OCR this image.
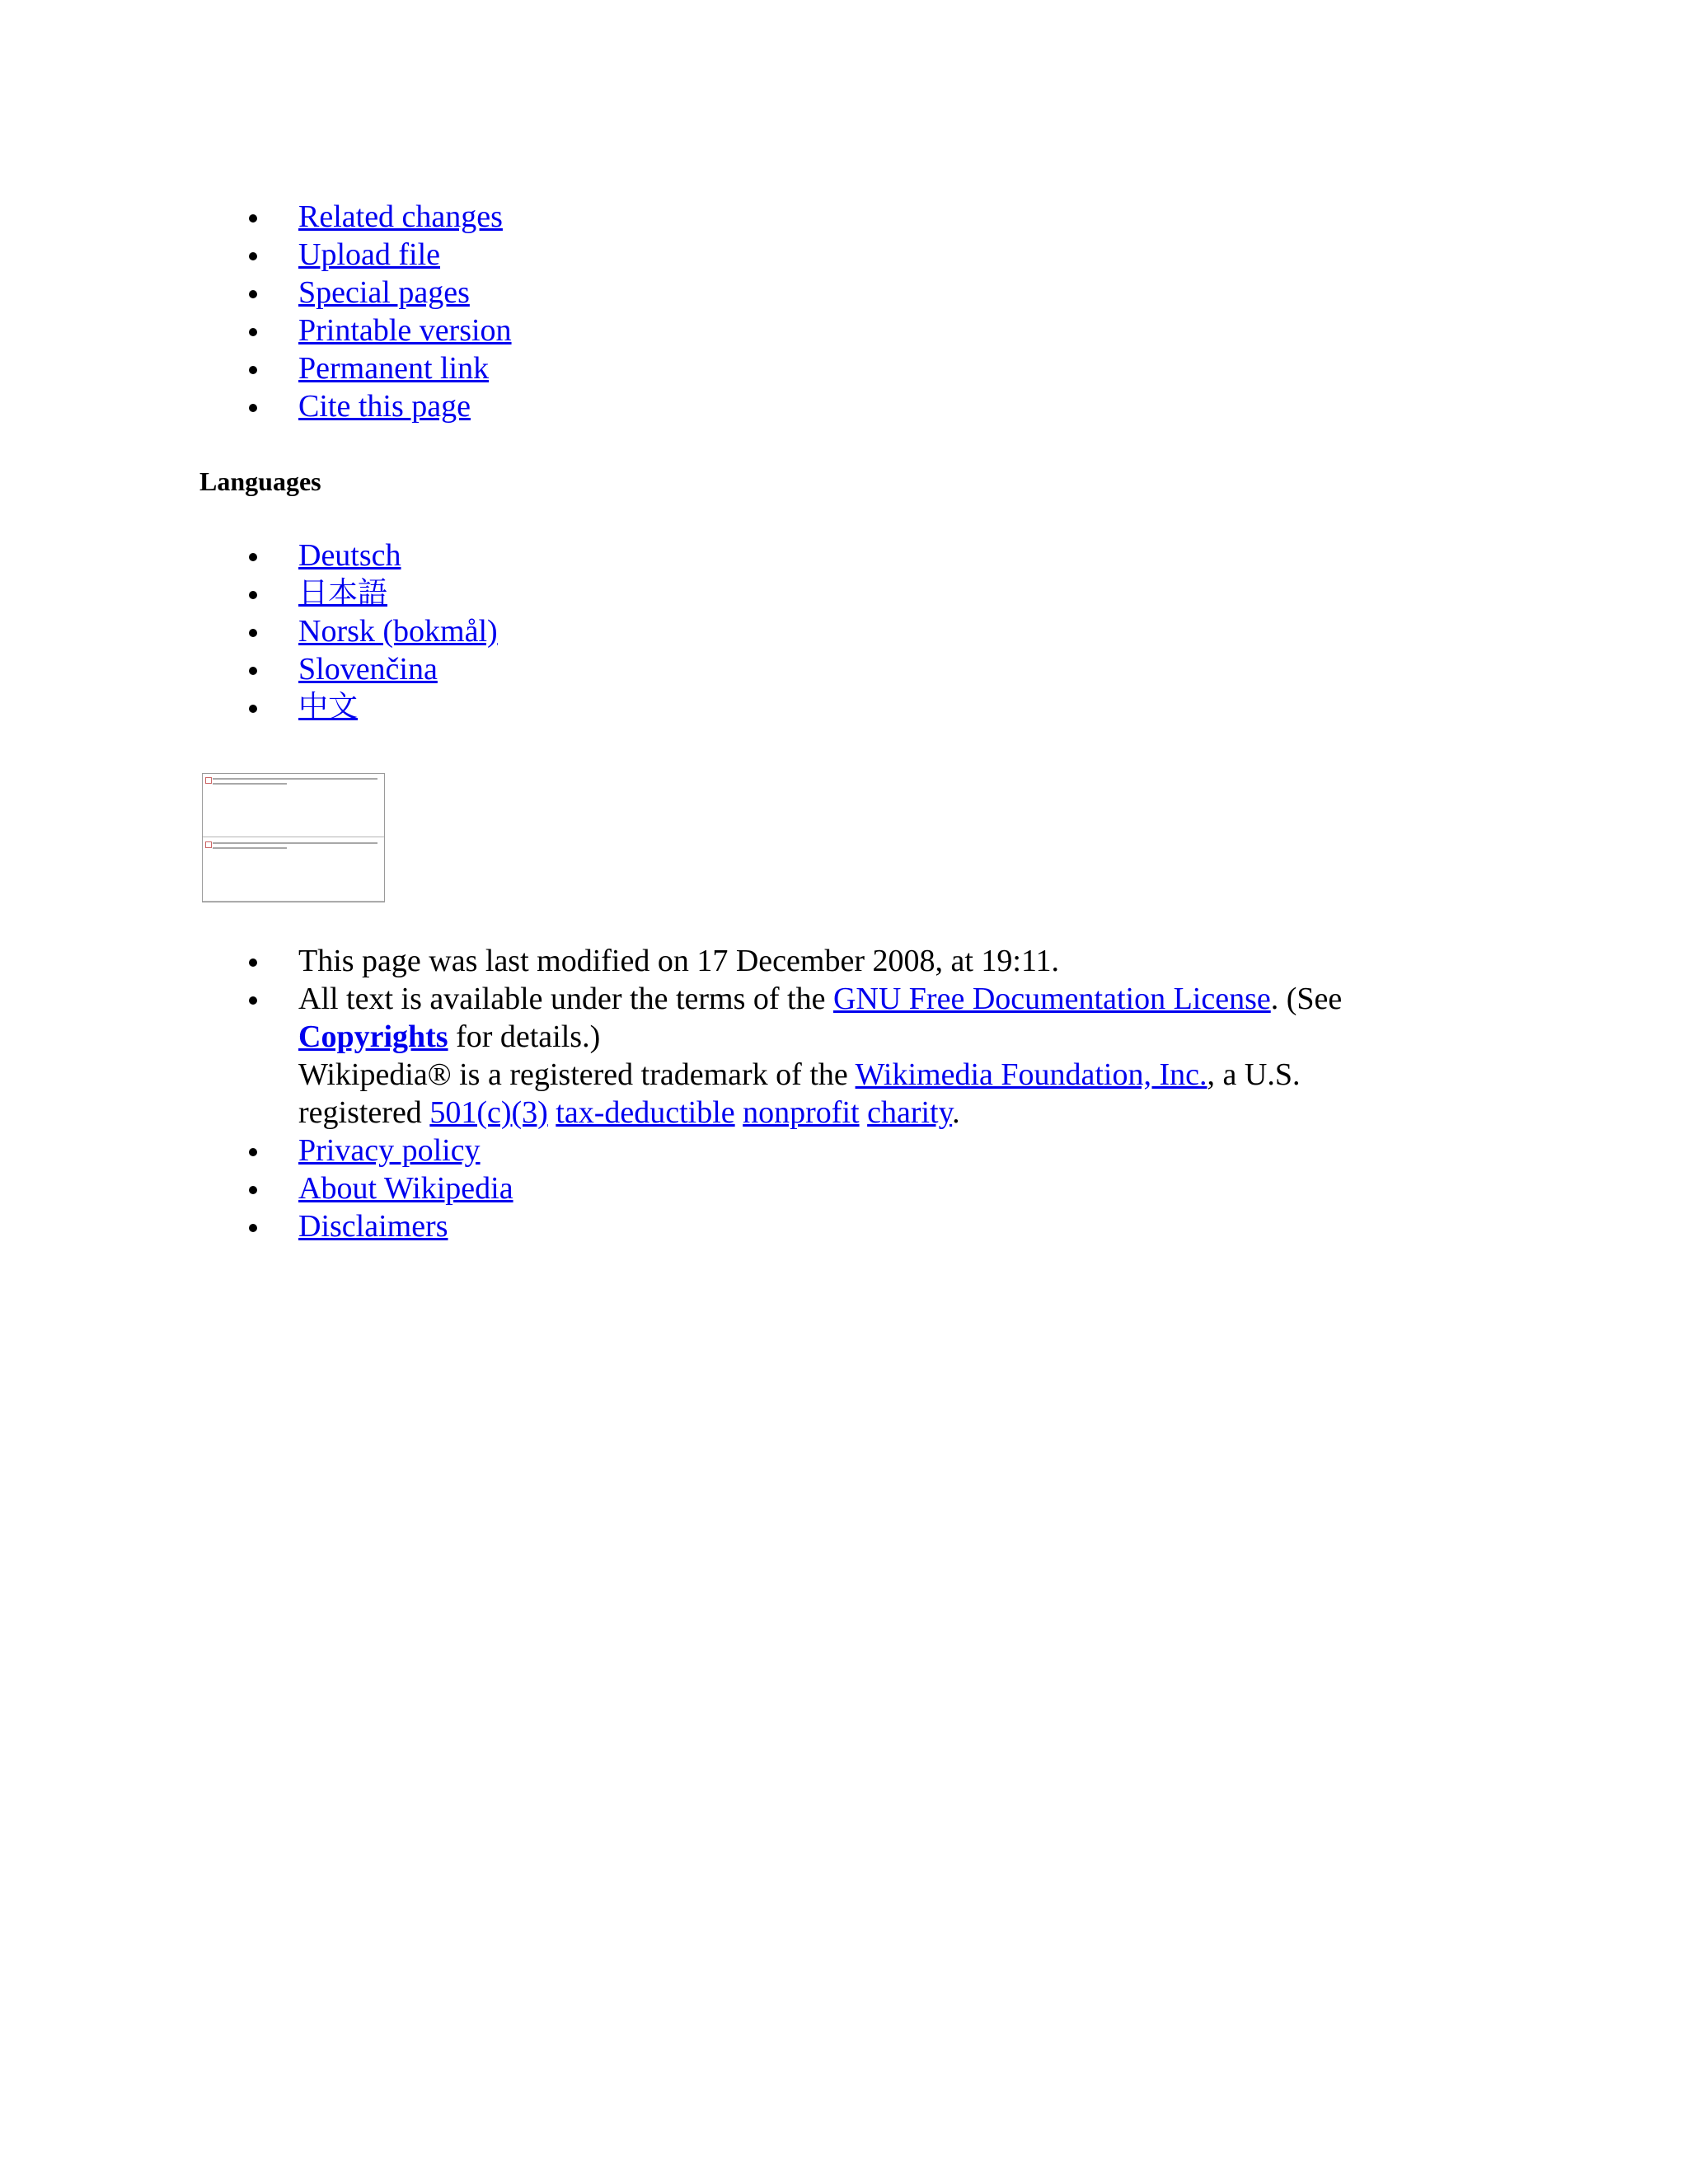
Related changes
Upload file
Special pages
Printable version
Permanent link
Cite this page
Languages
Deutsch
日本語
Norsk (bokmål)
Slovenčina
中文
This page was last modified on 17 December 2008, at 19:11.
All text is available under the terms of the GNU Free Documentation License. (See Copyrights for details.)
Wikipedia® is a registered trademark of the Wikimedia Foundation, Inc., a U.S. registered 501(c)(3) tax-deductible nonprofit charity.
Privacy policy
About Wikipedia
Disclaimers
